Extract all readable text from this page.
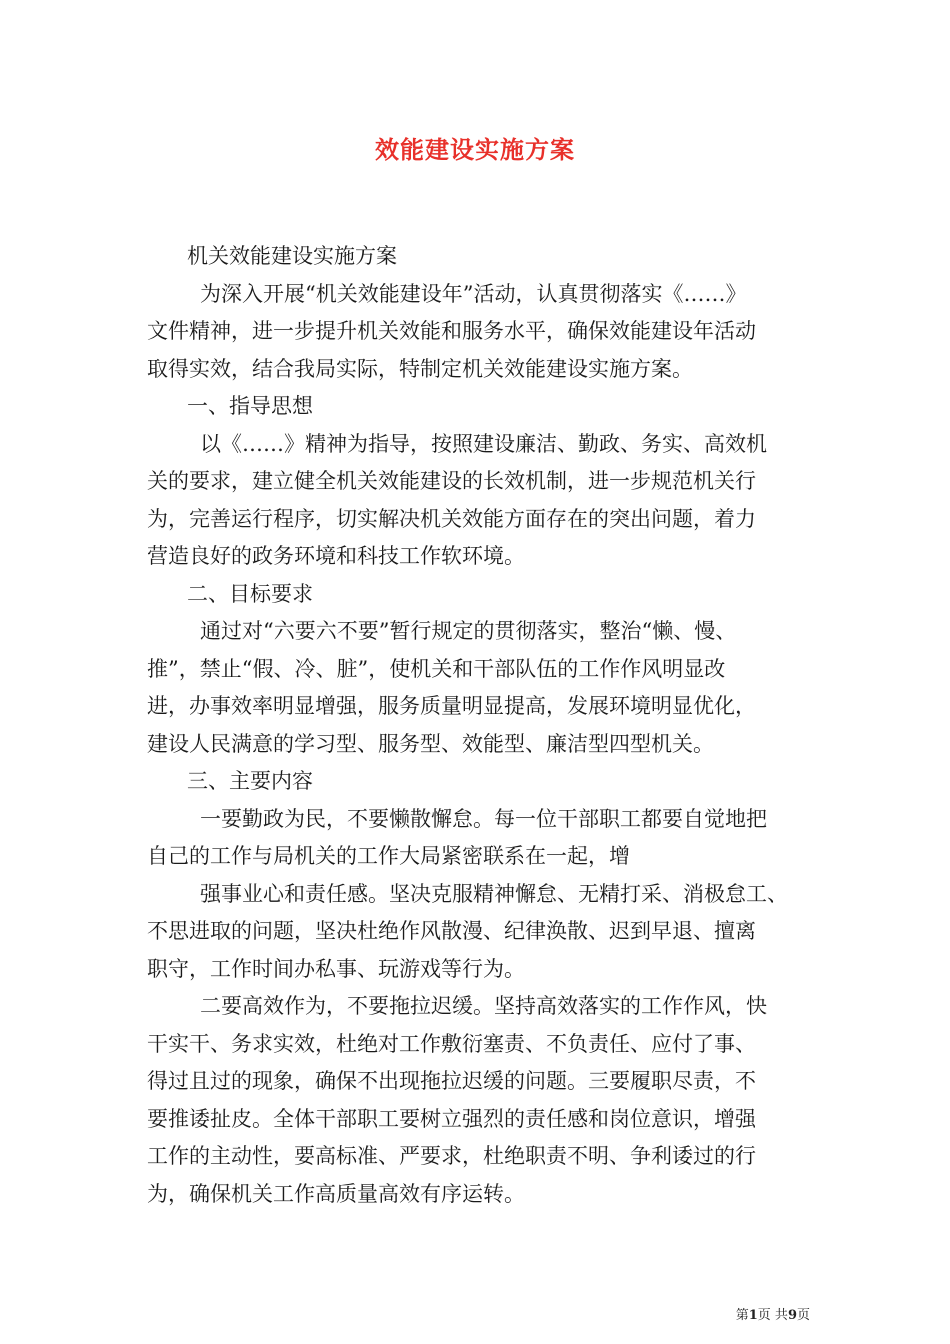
效能建设实施方案
机关效能建设实施方案
为深入开展“机关效能建设年”活动，认真贯彻落实《……》
文件精神，进一步提升机关效能和服务水平，确保效能建设年活动
取得实效，结合我局实际，特制定机关效能建设实施方案。
一、指导思想
以《……》精神为指导，按照建设廉洁、勤政、务实、高效机
关的要求，建立健全机关效能建设的长效机制，进一步规范机关行
为，完善运行程序，切实解决机关效能方面存在的突出问题，着力
营造良好的政务环境和科技工作软环境。
二、目标要求
通过对“六要六不要”暂行规定的贯彻落实，整治“懒、慢、
推”，禁止“假、冷、脏”，使机关和干部队伍的工作作风明显改
进，办事效率明显增强，服务质量明显提高，发展环境明显优化，
建设人民满意的学习型、服务型、效能型、廉洁型四型机关。
三、主要内容
一要勤政为民，不要懒散懈怠。每一位干部职工都要自觉地把
自己的工作与局机关的工作大局紧密联系在一起，增
强事业心和责任感。坚决克服精神懈怠、无精打采、消极怠工、
不思进取的问题，坚决杜绝作风散漫、纪律涣散、迟到早退、擅离
职守，工作时间办私事、玩游戏等行为。
二要高效作为，不要拖拉迟缓。坚持高效落实的工作作风，快
干实干、务求实效，杜绝对工作敷衍塞责、不负责任、应付了事、
得过且过的现象，确保不出现拖拉迟缓的问题。三要履职尽责，不
要推诿扯皮。全体干部职工要树立强烈的责任感和岗位意识，增强
工作的主动性，要高标准、严要求，杜绝职责不明、争利诿过的行
为，确保机关工作高质量高效有序运转。
第1页 共9页
